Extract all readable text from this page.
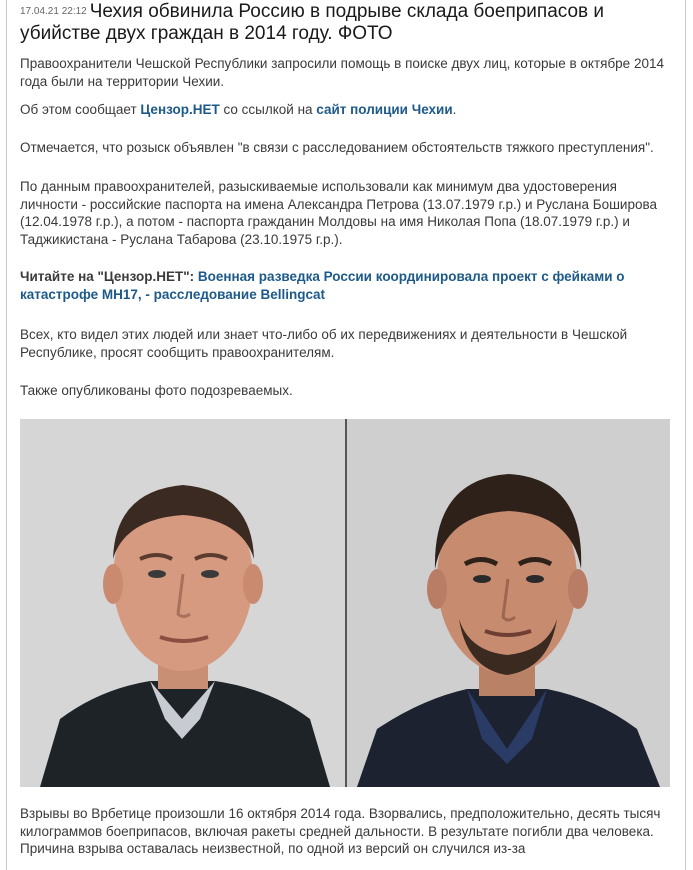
17.04.21 22:12 Чехия обвинила Россию в подрыве склада боеприпасов и убийстве двух граждан в 2014 году. ФОТО

Правоохранители Чешской Республики запросили помощь в поиске двух лиц, которые в октябре 2014 года были на территории Чехии.

Об этом сообщает Цензор.НЕТ со ссылкой на сайт полиции Чехии.

Отмечается, что розыск объявлен "в связи с расследованием обстоятельств тяжкого преступления".

По данным правоохранителей, разыскиваемые использовали как минимум два удостоверения личности - российские паспорта на имена Александра Петрова (13.07.1979 г.р.) и Руслана Боширова (12.04.1978 г.р.), а потом - паспорта гражданин Молдовы на имя Николая Попа (18.07.1979 г.р.) и Таджикистана - Руслана Табарова (23.10.1975 г.р.).

Читайте на "Цензор.НЕТ": Военная разведка России координировала проект с фейками о катастрофе МН17, - расследование Bellingcat

Всех, кто видел этих людей или знает что-либо об их передвижениях и деятельности в Чешской Республике, просят сообщить правоохранителям.

Также опубликованы фото подозреваемых.

Взрывы во Врбетице произошли 16 октября 2014 года. Взорвались, предположительно, десять тысяч килограммов боеприпасов, включая ракеты средней дальности. В результате погибли два человека. Причина взрыва оставалась неизвестной, по одной из версий он случился из-за
